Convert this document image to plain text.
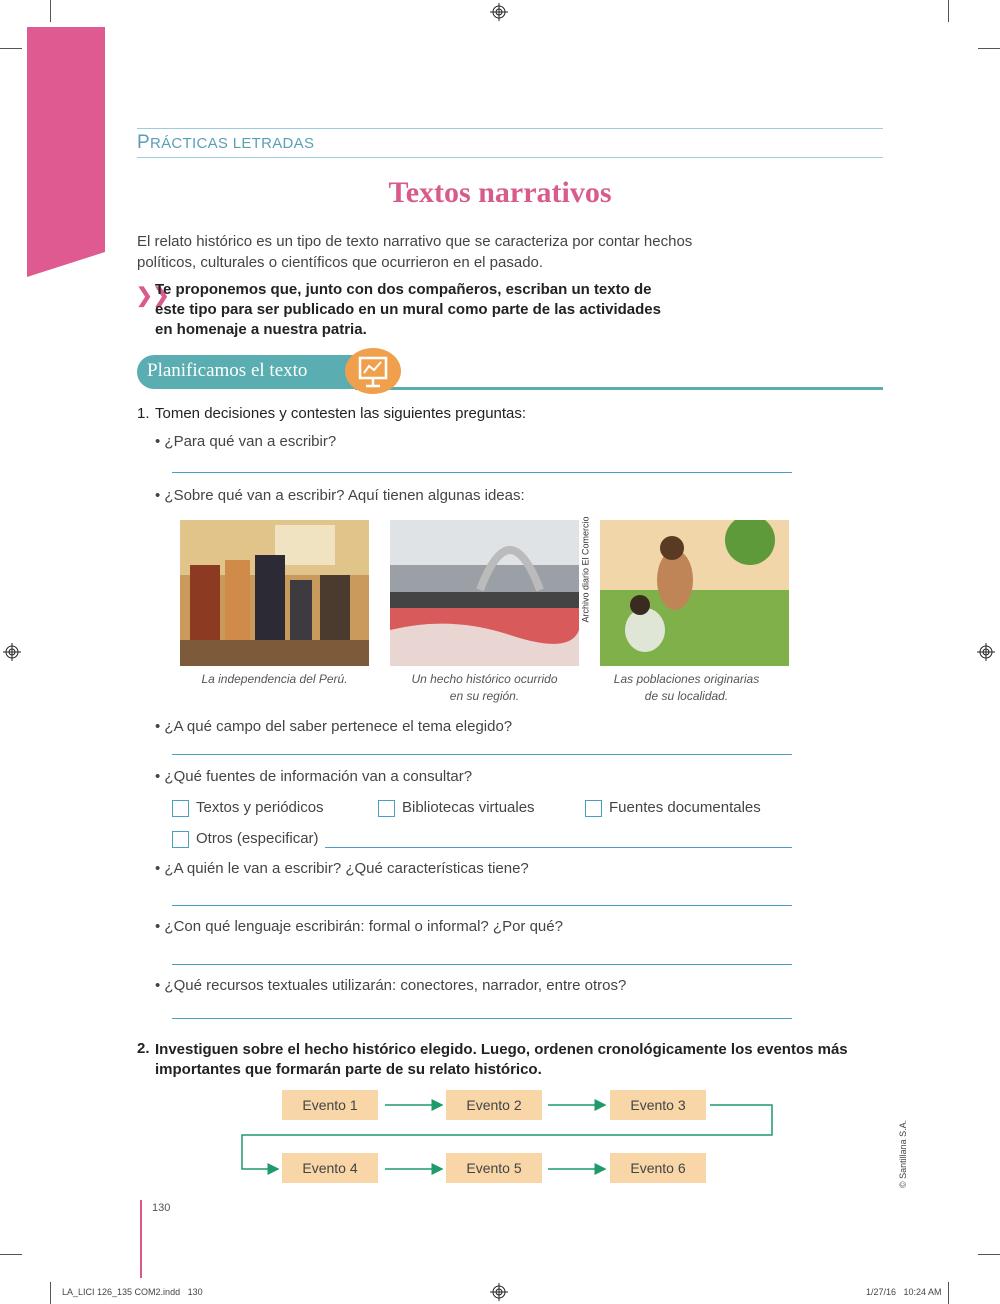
PRÁCTICAS LETRADAS
Textos narrativos
El relato histórico es un tipo de texto narrativo que se caracteriza por contar hechos
políticos, culturales o científicos que ocurrieron en el pasado.
❯❯
Te proponemos que, junto con dos compañeros, escriban un texto de
este tipo para ser publicado en un mural como parte de las actividades
en homenaje a nuestra patria.
Planificamos el texto
1. Tomen decisiones y contesten las siguientes preguntas:
• ¿Para qué van a escribir?
• ¿Sobre qué van a escribir? Aquí tienen algunas ideas:
Archivo diario El Comercio
La independencia del Perú.	Un hecho histórico ocurrido
en su región.
Las poblaciones originarias
de su localidad.
• ¿A qué campo del saber pertenece el tema elegido?
• ¿Qué fuentes de información van a consultar?
Textos y periódicos	Bibliotecas virtuales	Fuentes documentales
Otros (especificar)
• ¿A quién le van a escribir? ¿Qué características tiene?
• ¿Con qué lenguaje escribirán: formal o informal? ¿Por qué?
• ¿Qué recursos textuales utilizarán: conectores, narrador, entre otros?
2. Investiguen sobre el hecho histórico elegido. Luego, ordenen cronológicamente los eventos más
importantes que formarán parte de su relato histórico.
Evento 1	Evento 2	Evento 3
Evento 4	Evento 5	Evento 6	© Santillana S.A.
130
LA_LICI 126_135 COM2.indd   130	1/27/16   10:24 AM
